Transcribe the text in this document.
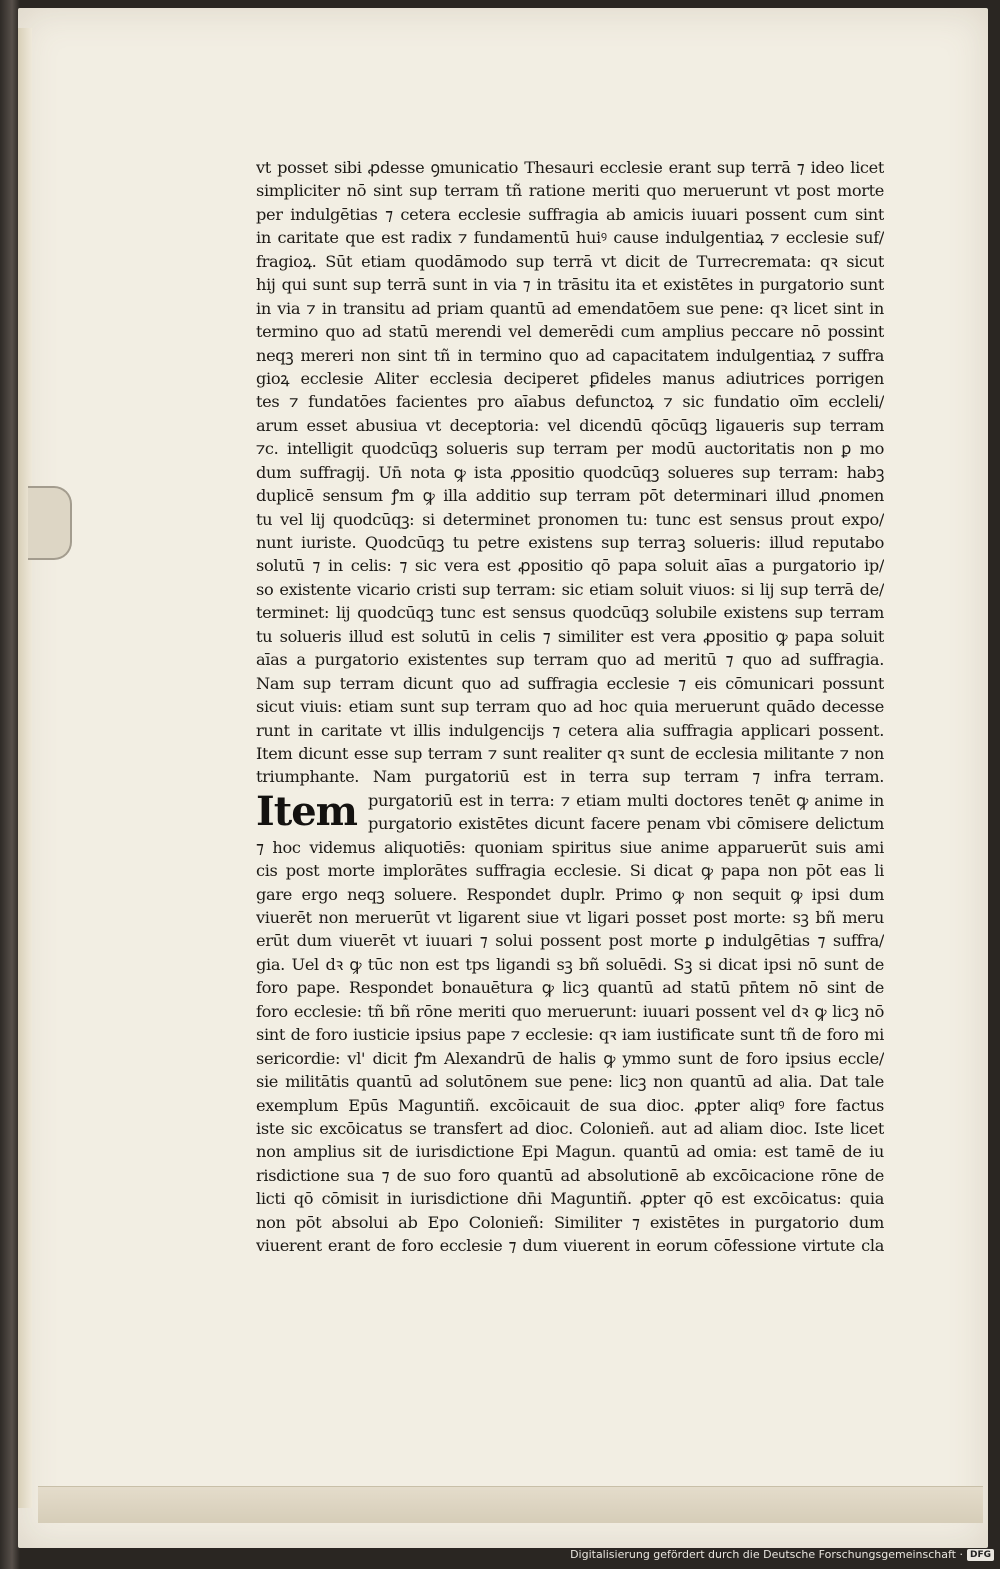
vt posset sibi ꝓdesse ꝯmunicatio Thesauri ecclesie erant sup terrā ⁊ ideo licet
simpliciter nō sint sup terram tñ ratione meriti quo meruerunt vt post morte
per indulgētias ⁊ cetera ecclesie suffragia ab amicis iuuari possent cum sint
in caritate que est radix ⁊ fundamentū huiꝰ cause indulgentiaꝝ ⁊ ecclesie suf/
fragioꝝ. Sūt etiam quodāmodo sup terrā vt dicit de Turrecremata: qꝛ sicut
hij qui sunt sup terrā sunt in via ⁊ in trāsitu ita et existētes in purgatorio sunt
in via ⁊ in transitu ad priam quantū ad emendatōem sue pene: qꝛ licet sint in
termino quo ad statū merendi vel demerēdi cum amplius peccare nō possint
neqꝫ mereri non sint tñ in termino quo ad capacitatem indulgentiaꝝ ⁊ suffra
gioꝝ ecclesie Aliter ecclesia deciperet ꝑfideles manus adiutrices porrigen
tes ⁊ fundatōes facientes pro aīabus defunctoꝝ ⁊ sic fundatio oīm eccleli/
arum esset abusiua vt deceptoria: vel dicendū qōcūqꝫ ligaueris sup terram
⁊c. intelligit quodcūqꝫ solueris sup terram per modū auctoritatis non ꝑ mo
dum suffragij. Un̄ nota ꝙ ista ꝓpositio quodcūqꝫ solueres sup terram: habꝫ
duplicē sensum ꝭm ꝙ illa additio sup terram pōt determinari illud ꝓnomen
tu vel lij quodcūqꝫ: si determinet pronomen tu: tunc est sensus prout expo/
nunt iuriste. Quodcūqꝫ tu petre existens sup terraꝫ solueris: illud reputabo
solutū ⁊ in celis: ⁊ sic vera est ꝓpositio qō papa soluit aīas a purgatorio ip/
so existente vicario cristi sup terram: sic etiam soluit viuos: si lij sup terrā de/
terminet: lij quodcūqꝫ tunc est sensus quodcūqꝫ solubile existens sup terram
tu solueris illud est solutū in celis ⁊ similiter est vera ꝓpositio ꝙ papa soluit
aīas a purgatorio existentes sup terram quo ad meritū ⁊ quo ad suffragia.
Nam sup terram dicunt quo ad suffragia ecclesie ⁊ eis cōmunicari possunt
sicut viuis: etiam sunt sup terram quo ad hoc quia meruerunt quādo decesse
runt in caritate vt illis indulgencijs ⁊ cetera alia suffragia applicari possent.
Item dicunt esse sup terram ⁊ sunt realiter qꝛ sunt de ecclesia militante ⁊ non
triumphante. Nam purgatoriū est in terra sup terram ⁊ infra terram.
Item purgatoriū est in terra: ⁊ etiam multi doctores tenēt ꝙ anime in
purgatorio existētes dicunt facere penam vbi cōmisere delictum
⁊ hoc videmus aliquotiēs: quoniam spiritus siue anime apparuerūt suis ami
cis post morte implorātes suffragia ecclesie. Si dicat ꝙ papa non pōt eas li
gare ergo neqꝫ soluere. Respondet duplr. Primo ꝙ non sequit ꝙ ipsi dum
viuerēt non meruerūt vt ligarent siue vt ligari posset post morte: sꝫ bñ meru
erūt dum viuerēt vt iuuari ⁊ solui possent post morte ꝑ indulgētias ⁊ suffra/
gia. Uel dꝛ ꝙ tūc non est tps ligandi sꝫ bñ soluēdi. Sꝫ si dicat ipsi nō sunt de
foro pape. Respondet bonauētura ꝙ licꝫ quantū ad statū pn̄tem nō sint de
foro ecclesie: tñ bñ rōne meriti quo meruerunt: iuuari possent vel dꝛ ꝙ licꝫ nō
sint de foro iusticie ipsius pape ⁊ ecclesie: qꝛ iam iustificate sunt tñ de foro mi
sericordie: vl' dicit ꝭm Alexandrū de halis ꝙ ymmo sunt de foro ipsius eccle/
sie militātis quantū ad solutōnem sue pene: licꝫ non quantū ad alia. Dat tale
exemplum Epūs Maguntiñ. excōicauit de sua dioc. ꝓpter aliqꝰ fore factus
iste sic excōicatus se transfert ad dioc. Colonieñ. aut ad aliam dioc. Iste licet
non amplius sit de iurisdictione Epi Magun. quantū ad omia: est tamē de iu
risdictione sua ⁊ de suo foro quantū ad absolutionē ab excōicacione rōne de
licti qō cōmisit in iurisdictione dn̄i Maguntiñ. ꝓpter qō est excōicatus: quia
non pōt absolui ab Epo Colonieñ: Similiter ⁊ existētes in purgatorio dum
viuerent erant de foro ecclesie ⁊ dum viuerent in eorum cōfessione virtute cla
Digitalisierung gefördert durch die Deutsche Forschungsgemeinschaft · DFG
